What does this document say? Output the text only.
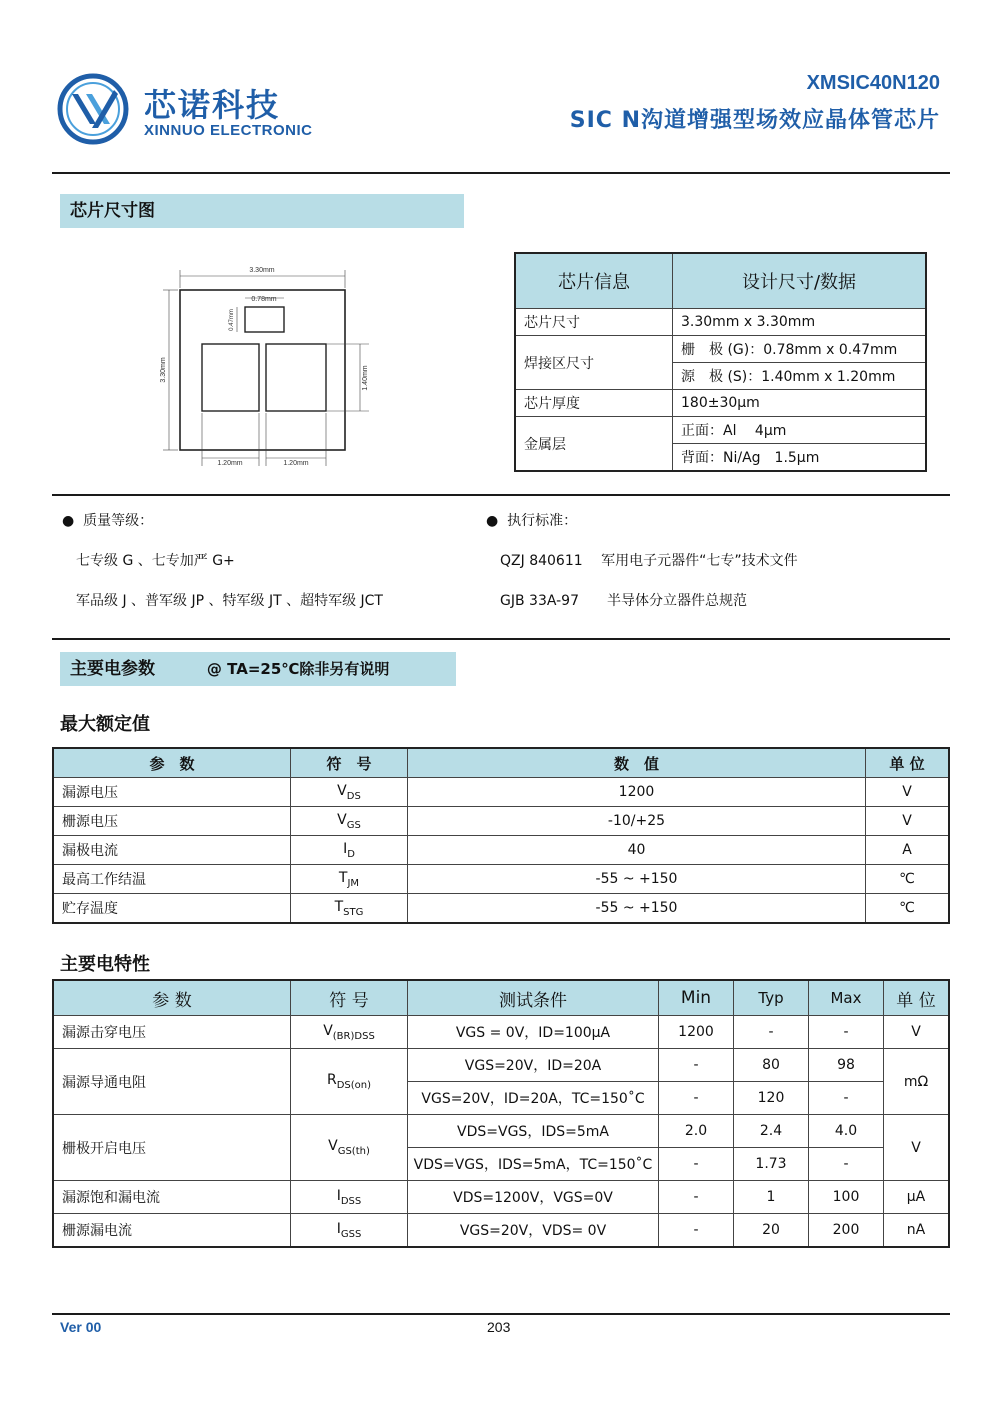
芯诺科技
XINNUO ELECTRONIC
XMSIC40N120
SIC N沟道增强型场效应晶体管芯片
芯片尺寸图
3.30mm
0.78mm
3.30mm
0.47mm
1.40mm
1.20mm	1.20mm
芯片信息	设计尺寸/数据
芯片尺寸	3.30mm x 3.30mm
焊接区尺寸	栅　极 (G)：0.78mm x 0.47mm
	源　极 (S)：1.40mm x 1.20mm
芯片厚度	180±30μm
金属层	正面：Al　 4μm
	背面：Ni/Ag　1.5μm
●  质量等级：
七专级 G 、七专加严 G+
军品级 J 、普军级 JP 、特军级 JT 、超特军级 JCT
●  执行标准：
QZJ 840611　 军用电子元器件“七专”技术文件
GJB 33A-97　　半导体分立器件总规范
主要电参数	@ TA=25℃除非另有说明
最大额定值
参　数	符　号	数　值	单 位
漏源电压	$V_{DS}$	1200	V
栅源电压	$V_{GS}$	-10/+25	V
漏极电流	$I_D$	40	A
最高工作结温	$T_{JM}$	-55 ~ +150	℃
贮存温度	$T_{STG}$	-55 ~ +150	℃
主要电特性
参 数	符 号	测试条件	Min	Typ	Max	单 位
漏源击穿电压	$V_{(BR)DSS}$	VGS = 0V，ID=100μA	1200	-	-	V
漏源导通电阻	$R_{DS(on)}$	VGS=20V，ID=20A	-	80	98	mΩ
		VGS=20V，ID=20A，TC=150˚C	-	120	-	
栅极开启电压	$V_{GS(th)}$	VDS=VGS，IDS=5mA	2.0	2.4	4.0	V
		VDS=VGS，IDS=5mA，TC=150˚C	-	1.73	-	
漏源饱和漏电流	$I_{DSS}$	VDS=1200V，VGS=0V	-	1	100	μA
栅源漏电流	$I_{GSS}$	VGS=20V，VDS= 0V	-	20	200	nA
Ver 00	203
